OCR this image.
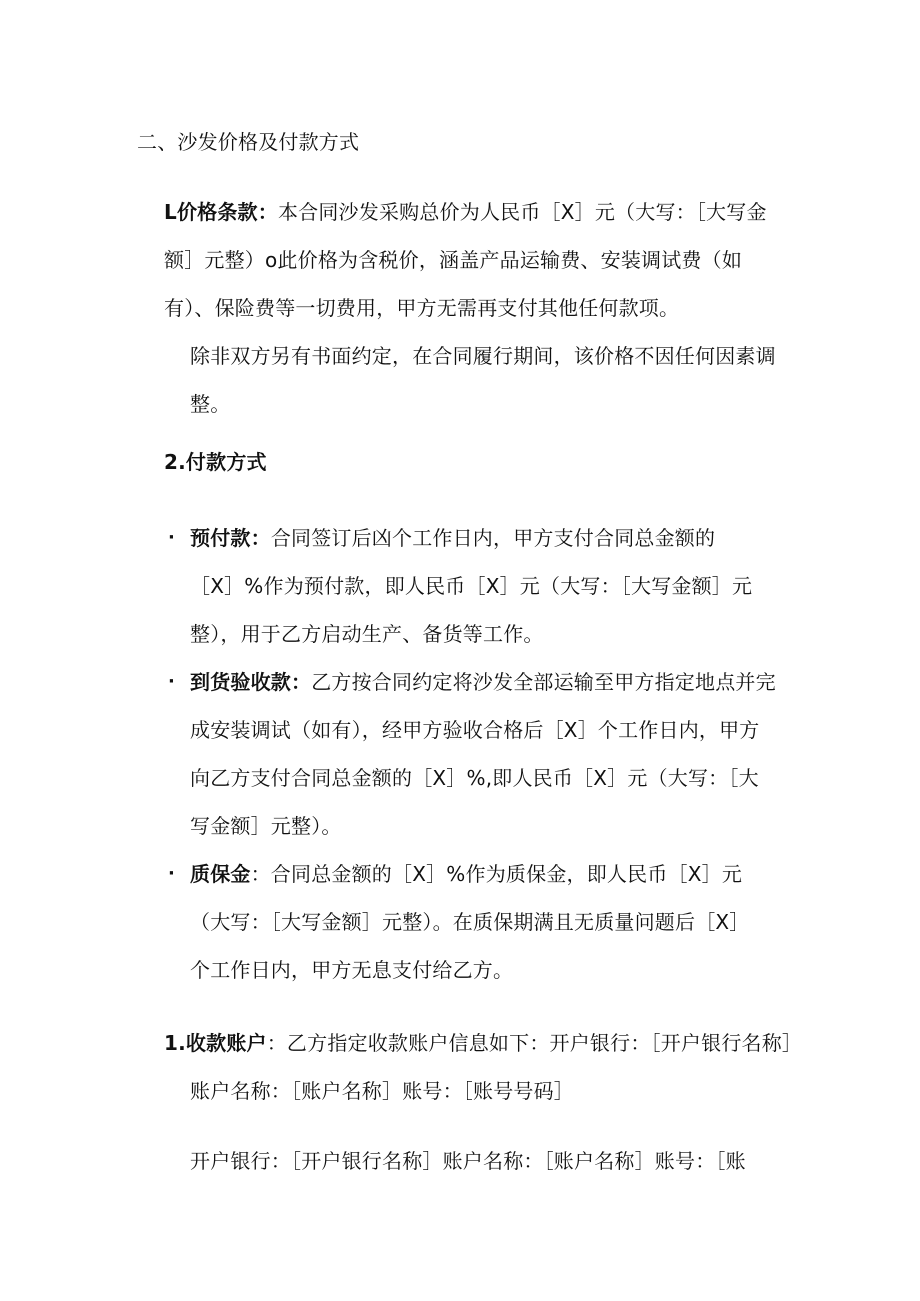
二、沙发价格及付款方式
L价格条款：本合同沙发采购总价为人民币［X］元（大写：［大写金
额］元整）o此价格为含税价，涵盖产品运输费、安装调试费（如
有）、保险费等一切费用，甲方无需再支付其他任何款项。
除非双方另有书面约定，在合同履行期间，该价格不因任何因素调
整。
2.付款方式
· 预付款：合同签订后凶个工作日内，甲方支付合同总金额的
［X］%作为预付款，即人民币［X］元（大写：［大写金额］元
整），用于乙方启动生产、备货等工作。
· 到货验收款：乙方按合同约定将沙发全部运输至甲方指定地点并完
成安装调试（如有），经甲方验收合格后［X］个工作日内，甲方
向乙方支付合同总金额的［X］%,即人民币［X］元（大写：［大
写金额］元整）。
· 质保金：合同总金额的［X］%作为质保金，即人民币［X］元
（大写：［大写金额］元整）。在质保期满且无质量问题后［X］
个工作日内，甲方无息支付给乙方。
1.收款账户：乙方指定收款账户信息如下：开户银行：［开户银行名称］
账户名称：［账户名称］账号：［账号号码］
开户银行：［开户银行名称］账户名称：［账户名称］账号：［账
